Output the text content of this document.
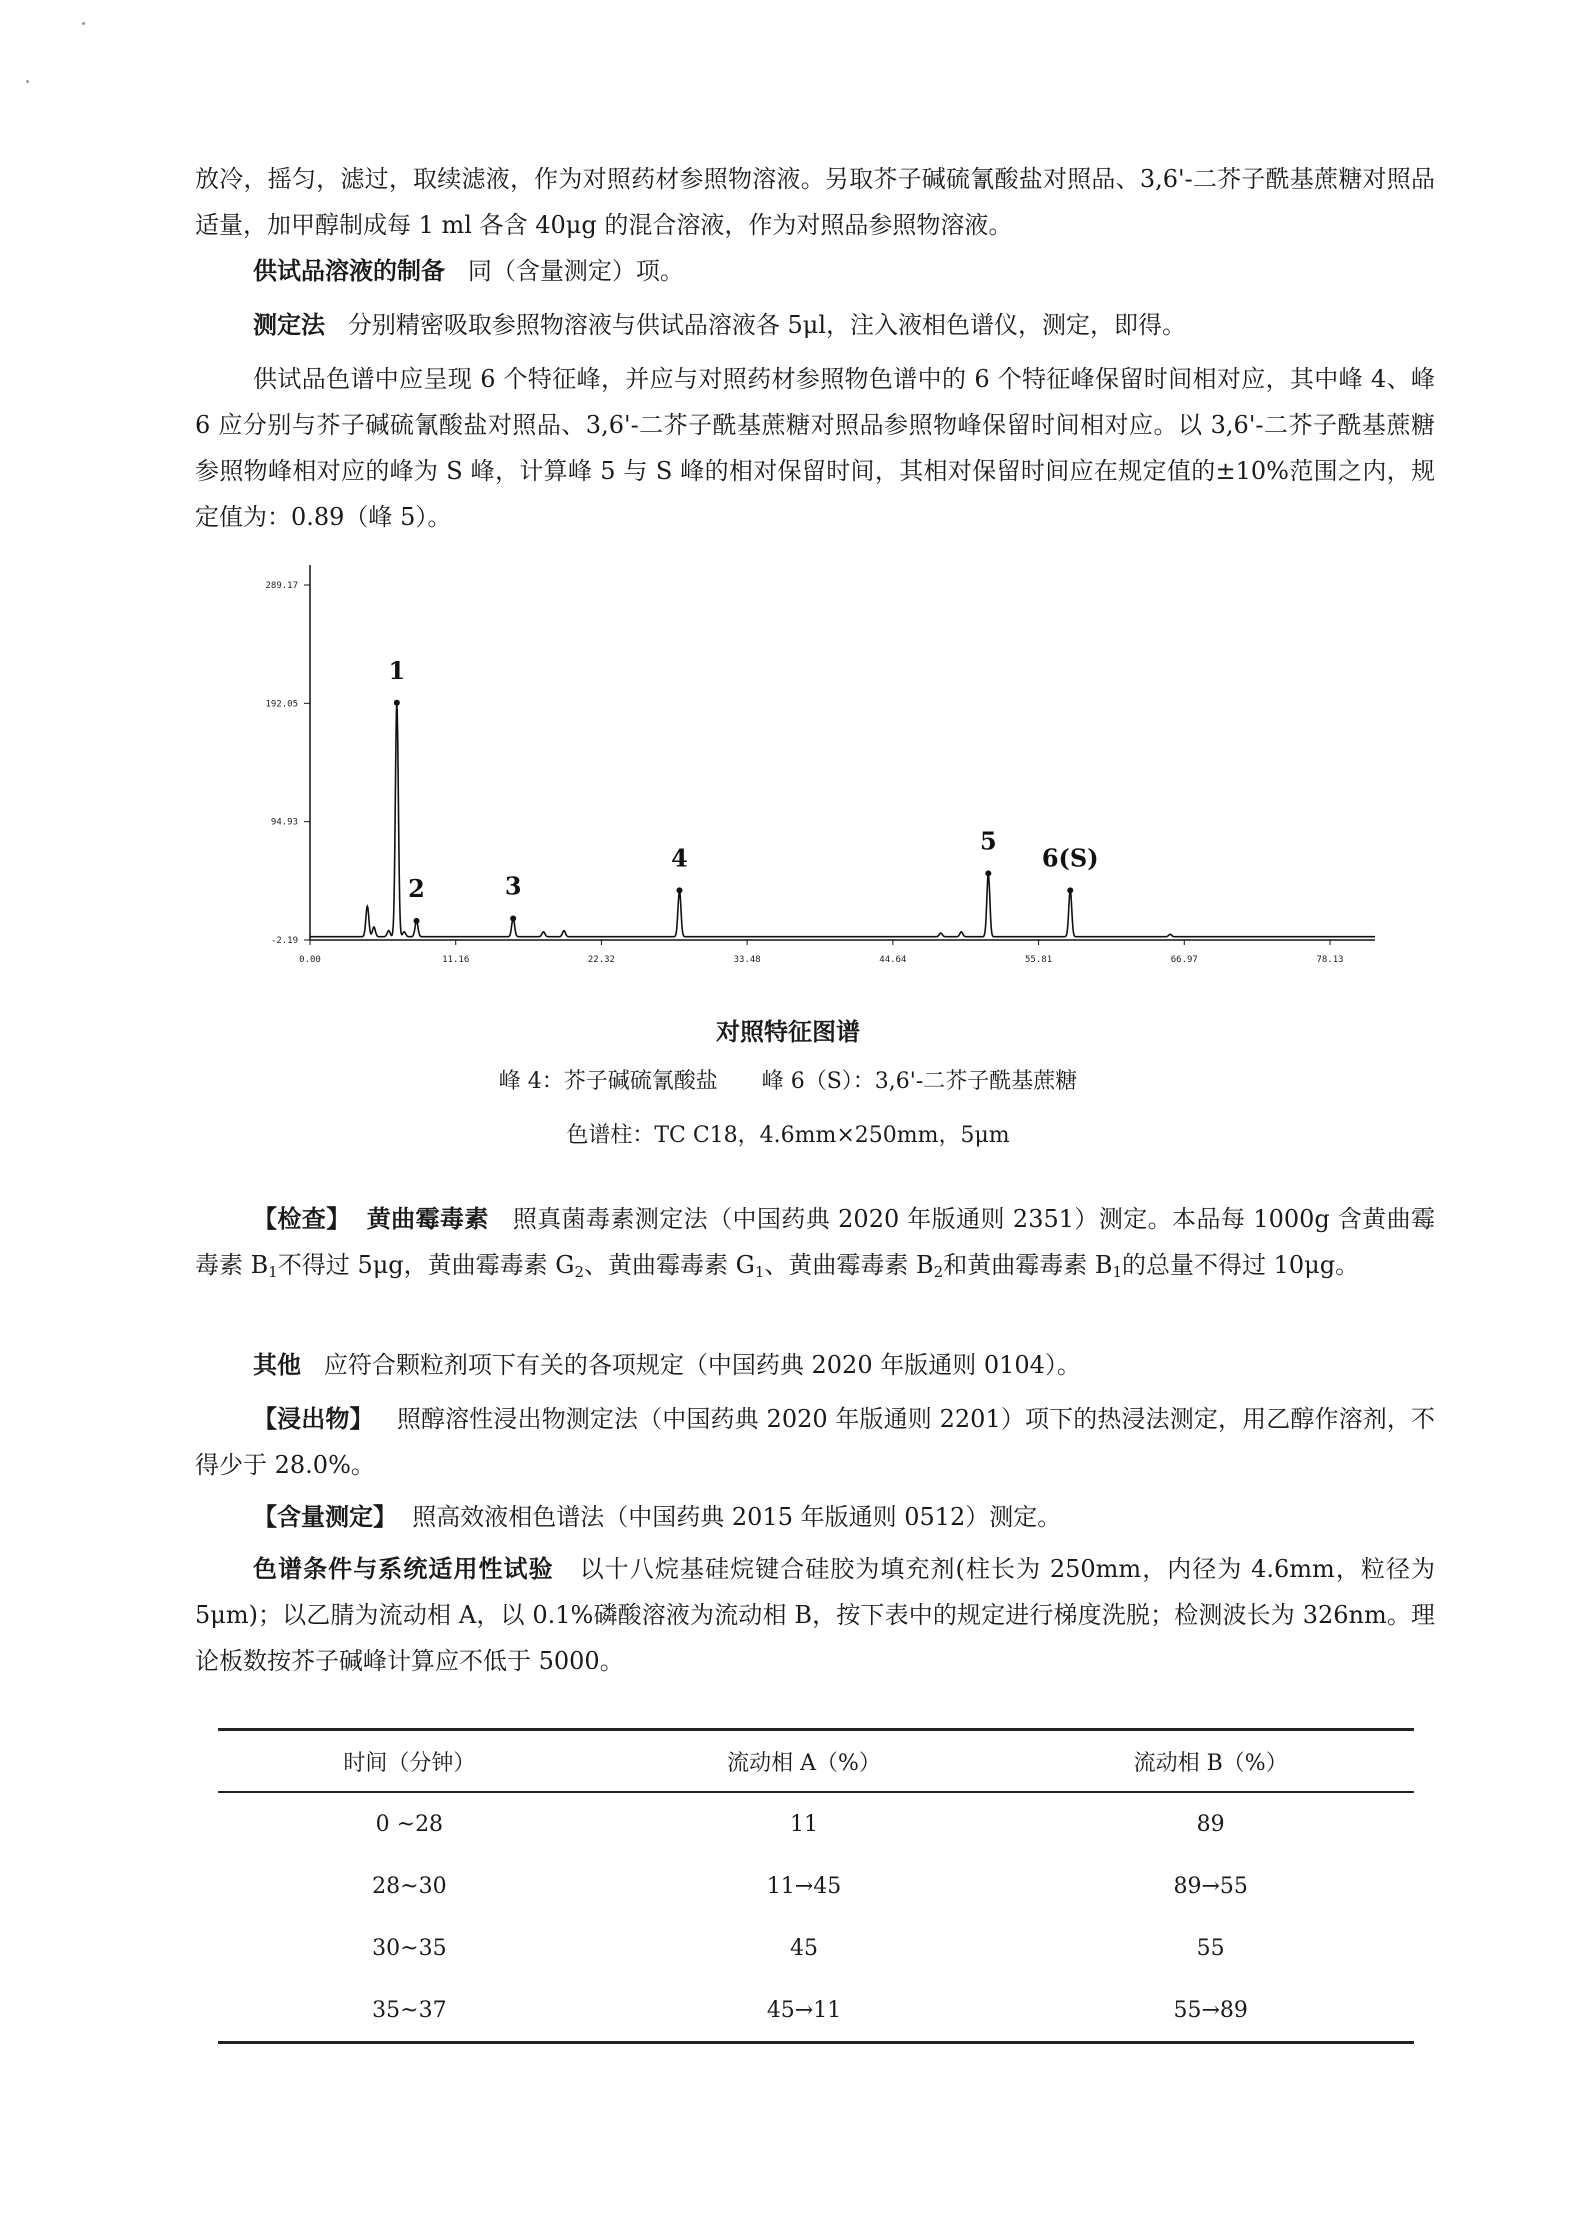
放冷，摇匀，滤过，取续滤液，作为对照药材参照物溶液。另取芥子碱硫氰酸盐对照品、3,6'-二芥子酰基蔗糖对照品适量，加甲醇制成每 1 ml 各含 40μg 的混合溶液，作为对照品参照物溶液。

供试品溶液的制备 同（含量测定）项。

测定法 分别精密吸取参照物溶液与供试品溶液各 5μl，注入液相色谱仪，测定，即得。

供试品色谱中应呈现 6 个特征峰，并应与对照药材参照物色谱中的 6 个特征峰保留时间相对应，其中峰 4、峰 6 应分别与芥子碱硫氰酸盐对照品、3,6'-二芥子酰基蔗糖对照品参照物峰保留时间相对应。以 3,6'-二芥子酰基蔗糖参照物峰相对应的峰为 S 峰，计算峰 5 与 S 峰的相对保留时间，其相对保留时间应在规定值的±10%范围之内，规定值为：0.89（峰 5）。

-2.19
94.93
192.05
289.17
0.00	11.16	22.32	33.48	44.64	55.81	66.97	78.13
1
2	3
4
5
6(S)
对照特征图谱
峰 4：芥子碱硫氰酸盐　　峰 6（S）：3,6'-二芥子酰基蔗糖
色谱柱：TC C18，4.6mm×250mm，5μm

【检查】 黄曲霉毒素 照真菌毒素测定法（中国药典 2020 年版通则 2351）测定。本品每 1000g 含黄曲霉毒素 $B_1$不得过 5μg，黄曲霉毒素 $G_2$、黄曲霉毒素 $G_1$、黄曲霉毒素 $B_2$和黄曲霉毒素 $B_1$的总量不得过 10μg。

其他 应符合颗粒剂项下有关的各项规定（中国药典 2020 年版通则 0104）。

【浸出物】 照醇溶性浸出物测定法（中国药典 2020 年版通则 2201）项下的热浸法测定，用乙醇作溶剂，不得少于 28.0%。

【含量测定】 照高效液相色谱法（中国药典 2015 年版通则 0512）测定。

色谱条件与系统适用性试验 以十八烷基硅烷键合硅胶为填充剂(柱长为 250mm，内径为 4.6mm，粒径为 5μm)；以乙腈为流动相 A，以 0.1%磷酸溶液为流动相 B，按下表中的规定进行梯度洗脱；检测波长为 326nm。理论板数按芥子碱峰计算应不低于 5000。

时间（分钟）	流动相 A（%）	流动相 B（%）
0 ~28	11	89
28~30	11→45	89→55
30~35	45	55
35~37	45→11	55→89
